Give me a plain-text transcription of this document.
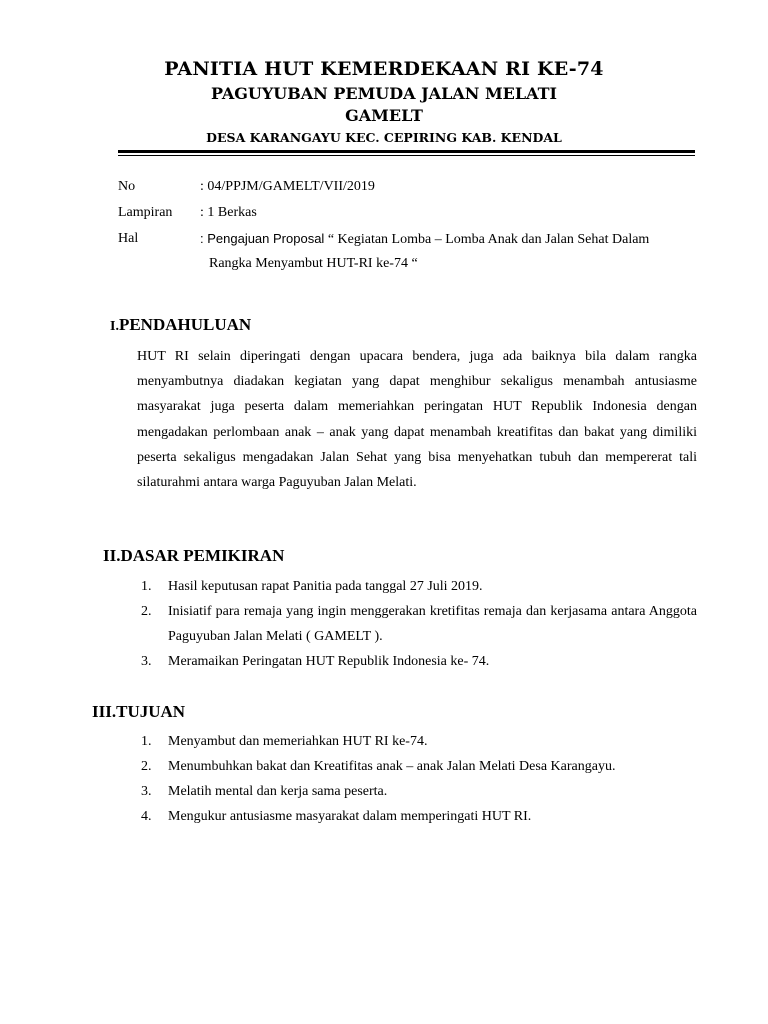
PANITIA HUT KEMERDEKAAN RI KE-74
PAGUYUBAN PEMUDA JALAN MELATI
GAMELT
DESA KARANGAYU KEC. CEPIRING KAB. KENDAL
No	: 04/PPJM/GAMELT/VII/2019
Lampiran : 1 Berkas
Hal	: Pengajuan Proposal “ Kegiatan Lomba – Lomba Anak dan Jalan Sehat Dalam
Rangka Menyambut HUT-RI ke-74 “
I.PENDAHULUAN

HUT RI selain diperingati dengan upacara bendera, juga ada baiknya bila dalam rangka menyambutnya diadakan kegiatan yang dapat menghibur sekaligus menambah antusiasme masyarakat juga peserta dalam memeriahkan peringatan HUT Republik Indonesia dengan mengadakan perlombaan anak – anak yang dapat menambah kreatifitas dan bakat yang dimiliki peserta sekaligus mengadakan Jalan Sehat yang bisa menyehatkan tubuh dan mempererat tali silaturahmi antara warga Paguyuban Jalan Melati.

II.DASAR PEMIKIRAN
1. Hasil keputusan rapat Panitia pada tanggal 27 Juli 2019.
2. Inisiatif para remaja yang ingin menggerakan kretifitas remaja dan kerjasama antara Anggota Paguyuban Jalan Melati ( GAMELT ).
3. Meramaikan Peringatan HUT Republik Indonesia ke- 74.
III.TUJUAN
1. Menyambut dan memeriahkan HUT RI ke-74.
2. Menumbuhkan bakat dan Kreatifitas anak – anak Jalan Melati Desa Karangayu.
3. Melatih mental dan kerja sama peserta.
4. Mengukur antusiasme masyarakat dalam memperingati HUT RI.
